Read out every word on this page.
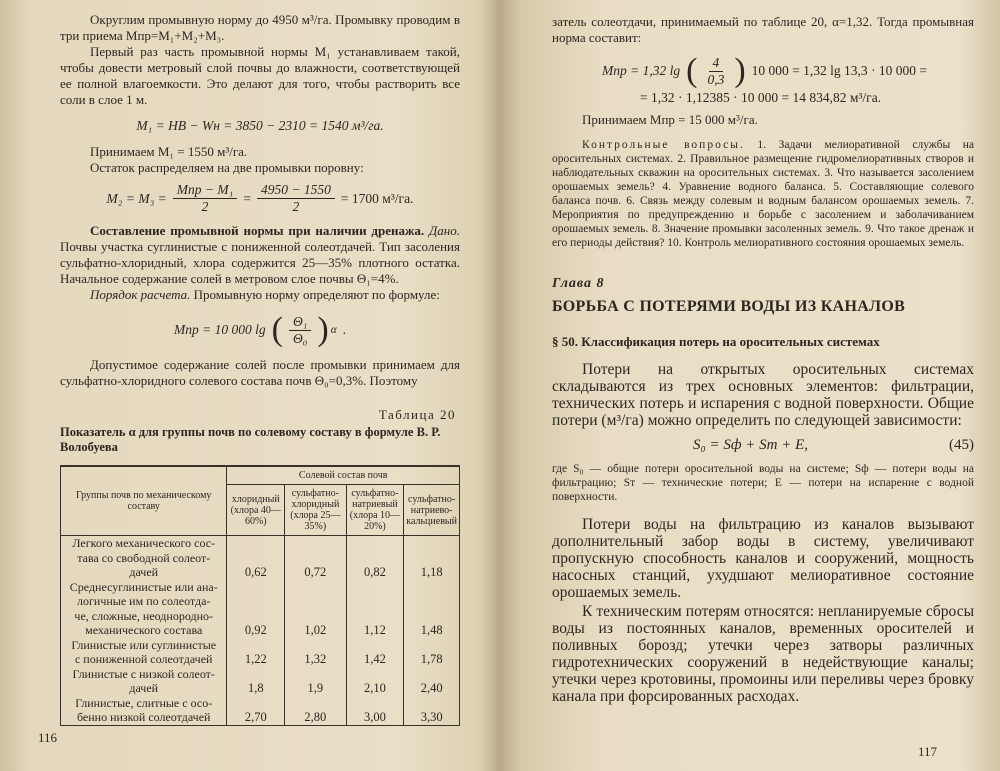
Округлим промывную норму до 4950 м³/га. Промывку проводим в три приема Mпр=M₁+M₂+M₃.

Первый раз часть промывной нормы M₁ устанавливаем такой, чтобы довести метровый слой почвы до влажности, соответствующей ее полной влагоемкости. Это делают для того, чтобы растворить все соли в слое 1 м.

M₁ = НВ − Wн = 3850 − 2310 = 1540 м³/га.

Принимаем M₁ = 1550 м³/га.

Остаток распределяем на две промывки поровну:

$M_2 = M_3 = \frac{\text{Mпр − M₁}}{2} = \frac{4950 - 1550}{2} = 1700$ м³/га.

Составление промывной нормы при наличии дренажа. Дано. Почвы участка суглинистые с пониженной солеотдачей. Тип засоления сульфатно-хлоридный, хлора содержится 25—35% плотного остатка. Начальное содержание солей в метровом слое почвы Θ₁=4%.

Порядок расчета. Промывную норму определяют по формуле:

Mпр = 10 000 lg ( $\frac{\text{Θ₁}}{\text{Θ₀}}$ ) α .

Допустимое содержание солей после промывки принимаем для сульфатно-хлоридного солевого состава почв Θ₀=0,3%. Поэтому

Таблица 20
Показатель α для группы почв по солевому составу в формуле В. Р. Волобуева
Группы почв по механическому составу	Солевой состав почв			
	хлоридный (хлора 40—60%)	сульфатно-хлоридный (хлора 25—35%)	сульфатно-натриевый (хлора 10—20%)	сульфатно-натриево-кальциевый

Легкого механического сос-
тава со свободной солеот-
дачей	0,62	0,72	0,82	1,18

Среднесуглинистые или ана-
логичные им по солеотда-
че, сложные, неоднородно-
механического состава	0,92	1,02	1,12	1,48

Глинистые или суглинистые
с пониженной солеотдачей	1,22	1,32	1,42	1,78

Глинистые с низкой солеот-
дачей	1,8	1,9	2,10	2,40

Глинистые, слитные с осо-
бенно низкой солеотдачей	2,70	2,80	3,00	3,30
116

затель солеотдачи, принимаемый по таблице 20, α=1,32. Тогда промывная норма составит:

Mпр = 1,32 lg ( $\frac{4}{0,3}$ ) 10 000 = 1,32 lg 13,3 · 10 000 =
= 1,32 · 1,12385 · 10 000 = 14 834,82 м³/га.

Принимаем Mпр = 15 000 м³/га.

Контрольные вопросы. 1. Задачи мелиоративной службы на оросительных системах. 2. Правильное размещение гидромелиоративных створов и наблюдательных скважин на оросительных системах. 3. Что называется засолением орошаемых земель? 4. Уравнение водного баланса. 5. Составляющие солевого баланса почв. 6. Связь между солевым и водным балансом орошаемых земель. 7. Мероприятия по предупреждению и борьбе с засолением и заболачиванием орошаемых земель. 8. Значение промывки засоленных земель. 9. Что такое дренаж и его периоды действия? 10. Контроль мелиоративного состояния орошаемых земель.

Глава 8
БОРЬБА С ПОТЕРЯМИ ВОДЫ ИЗ КАНАЛОВ
§ 50. Классификация потерь на оросительных системах

Потери на открытых оросительных системах складываются из трех основных элементов: фильтрации, технических потерь и испарения с водной поверхности. Общие потери (м³/га) можно определить по следующей зависимости:

S₀ = Sф + Sт + E,	(45)

где S₀ — общие потери оросительной воды на системе; Sф — потери воды на фильтрацию; Sт — технические потери; E — потери на испарение с водной поверхности.

Потери воды на фильтрацию из каналов вызывают дополнительный забор воды в систему, увеличивают пропускную способность каналов и сооружений, мощность насосных станций, ухудшают мелиоративное состояние орошаемых земель.

К техническим потерям относятся: непланируемые сбросы воды из постоянных каналов, временных оросителей и поливных борозд; утечки через затворы различных гидротехнических сооружений в недействующие каналы; утечки через кротовины, промоины или переливы через бровку канала при форсированных расходах.

117
